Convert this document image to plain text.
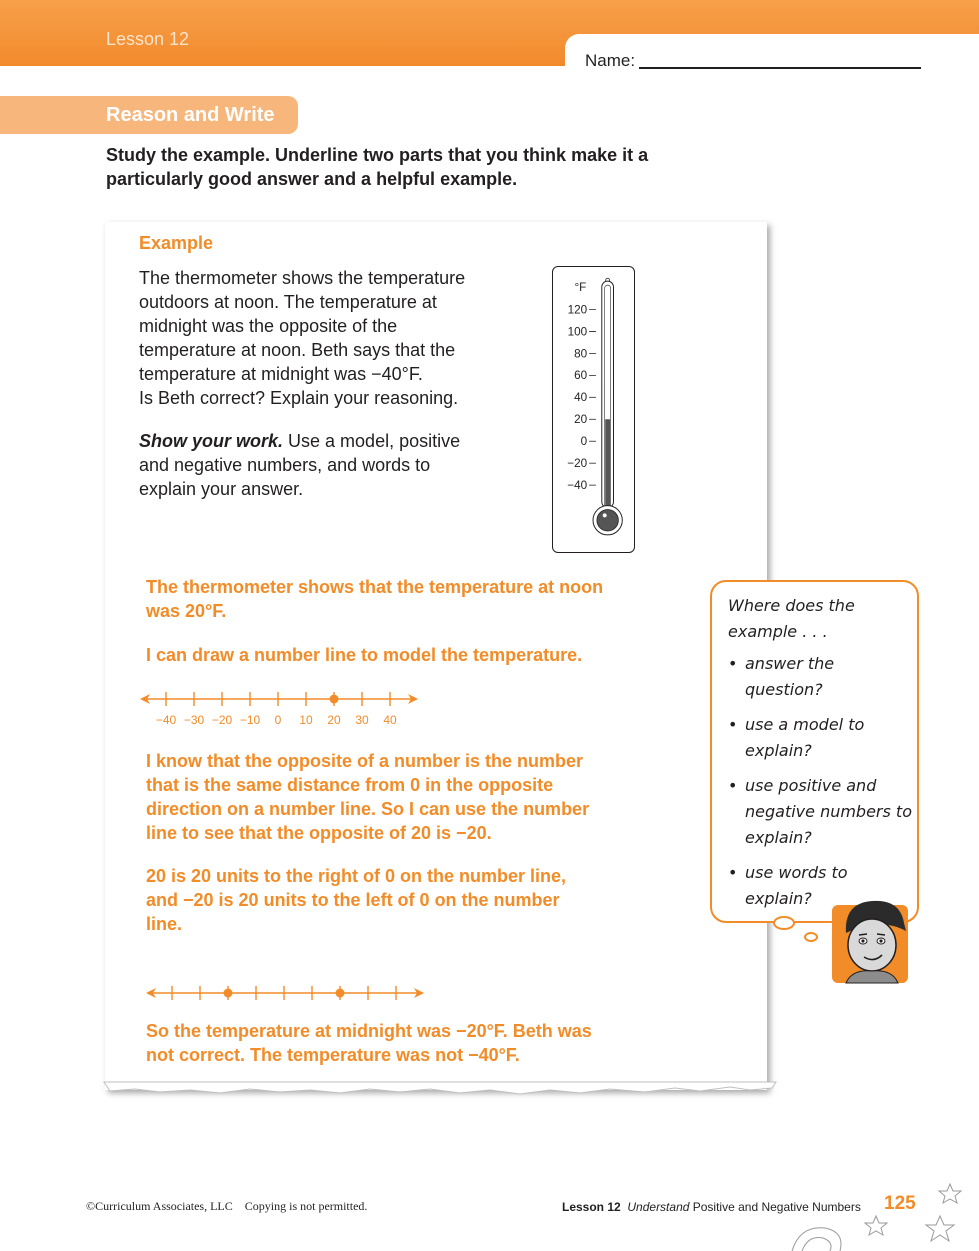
Lesson 12
Name:
Reason and Write
Study the example. Underline two parts that you think make it a particularly good answer and a helpful example.
Example
The thermometer shows the temperature
outdoors at noon. The temperature at
midnight was the opposite of the
temperature at noon. Beth says that the
temperature at midnight was −40°F.
Is Beth correct? Explain your reasoning.
Show your work. Use a model, positive and negative numbers, and words to explain your answer.
°F
120
100
80
60
40
20
0
−20
−40
The thermometer shows that the temperature at noon was 20°F.
I can draw a number line to model the temperature.
−40 −30 −20 −10 0 10 20 30 40
I know that the opposite of a number is the number that is the same distance from 0 in the opposite direction on a number line. So I can use the number line to see that the opposite of 20 is −20.
20 is 20 units to the right of 0 on the number line, and −20 is 20 units to the left of 0 on the number line.
So the temperature at midnight was −20°F. Beth was not correct. The temperature was not −40°F.
Where does the example . . .
• answer the question?
• use a model to explain?
• use positive and negative numbers to explain?
• use words to explain?
©Curriculum Associates, LLC Copying is not permitted.	Lesson 12 Understand Positive and Negative Numbers 125
